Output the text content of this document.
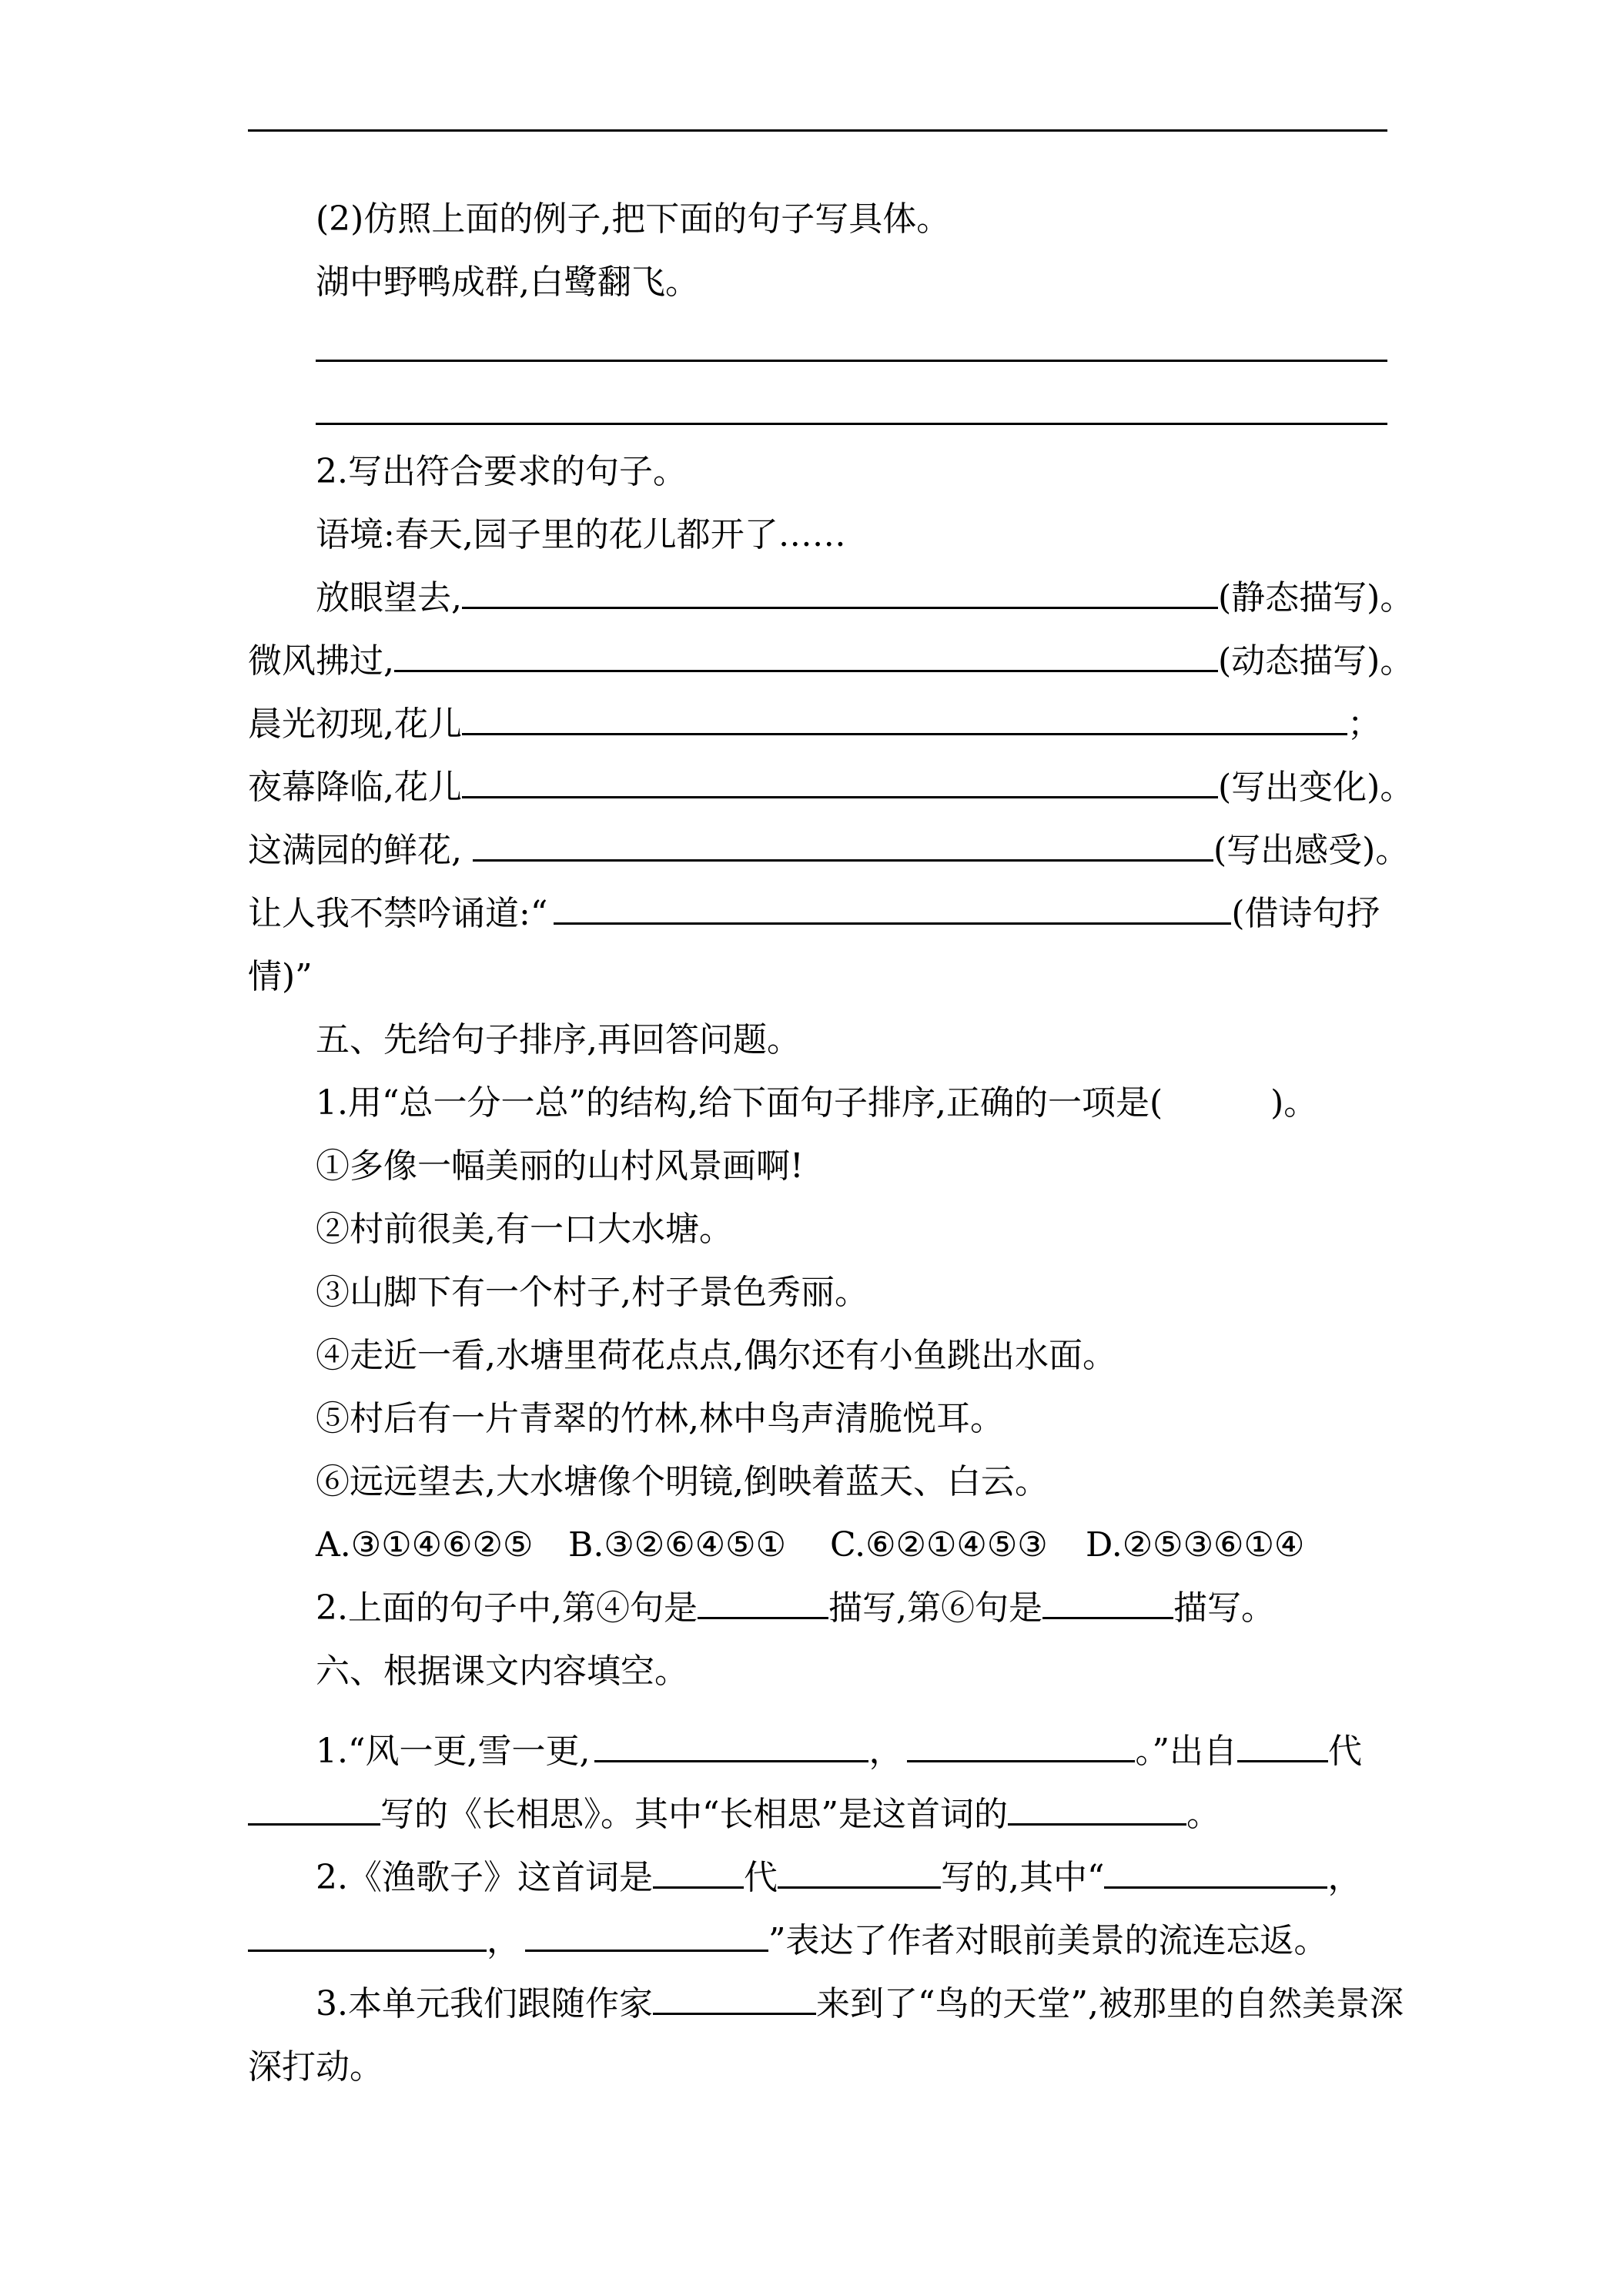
(2)仿照上面的例子,把下面的句子写具体。
湖中野鸭成群,白鹭翻飞。
2.写出符合要求的句子。
语境:春天,园子里的花儿都开了……
放眼望去,	(静态描写)。
微风拂过,	(动态描写)。
晨光初现,花儿	；
夜幕降临,花儿	(写出变化)。
这满园的鲜花,	(写出感受)。
让人我不禁吟诵道:“	(借诗句抒
情)”
五、先给句子排序,再回答问题。
1.用“总一分一总”的结构,给下面句子排序,正确的一项是(	)。
①多像一幅美丽的山村风景画啊!
②村前很美,有一口大水塘。
③山脚下有一个村子,村子景色秀丽。
④走近一看,水塘里荷花点点,偶尔还有小鱼跳出水面。
⑤村后有一片青翠的竹林,林中鸟声清脆悦耳。
⑥远远望去,大水塘像个明镜,倒映着蓝天、白云。
A.③①④⑥②⑤ B.③②⑥④⑤① C.⑥②①④⑤③ D.②⑤③⑥①④
2.上面的句子中,第④句是	描写,第⑥句是	描写。
六、根据课文内容填空。
1.“风一更,雪一更,	，	。”出自	代
写的《长相思》。其中“长相思”是这首词的	。
2.《渔歌子》这首词是	代	写的,其中“	，
，	”表达了作者对眼前美景的流连忘返。
3.本单元我们跟随作家	来到了“鸟的天堂”,被那里的自然美景深
深打动。
